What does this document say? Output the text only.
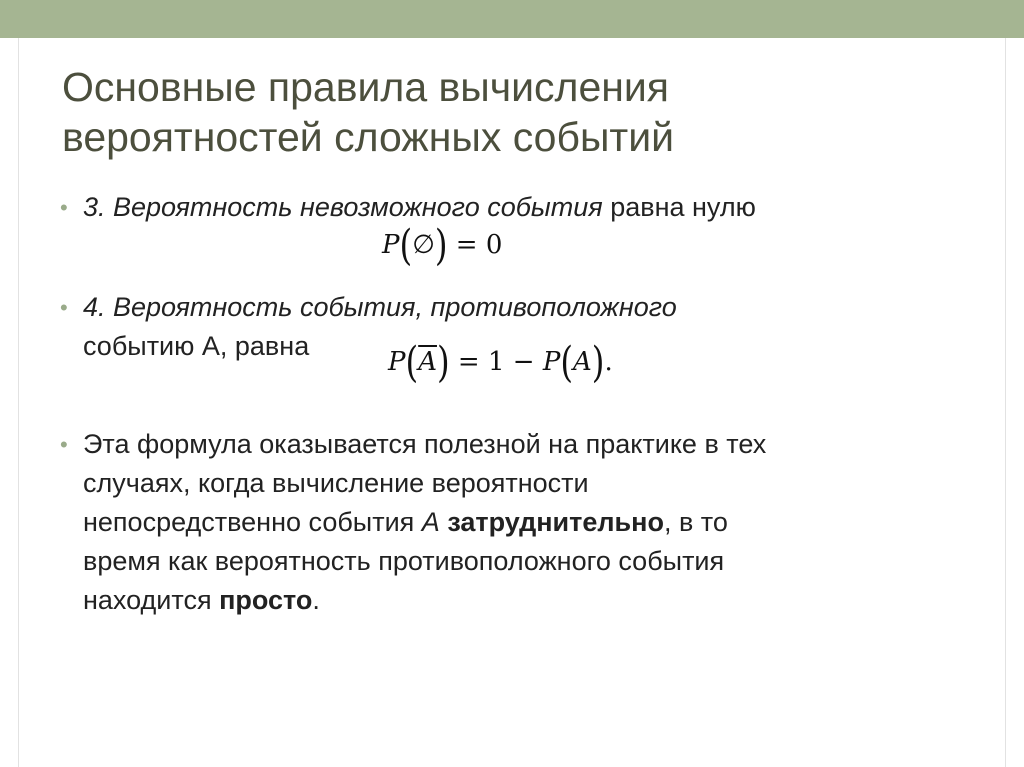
Основные правила вычисления
вероятностей сложных событий
• 3. Вероятность невозможного события равна нулю
P(∅) = 0
• 4. Вероятность события, противоположного
событию А, равна
$P(\overline{A}) = 1 - P(A)$.
• Эта формула оказывается полезной на практике в тех
случаях, когда вычисление вероятности
непосредственно события А затруднительно, в то
время как вероятность противоположного события
находится просто.
